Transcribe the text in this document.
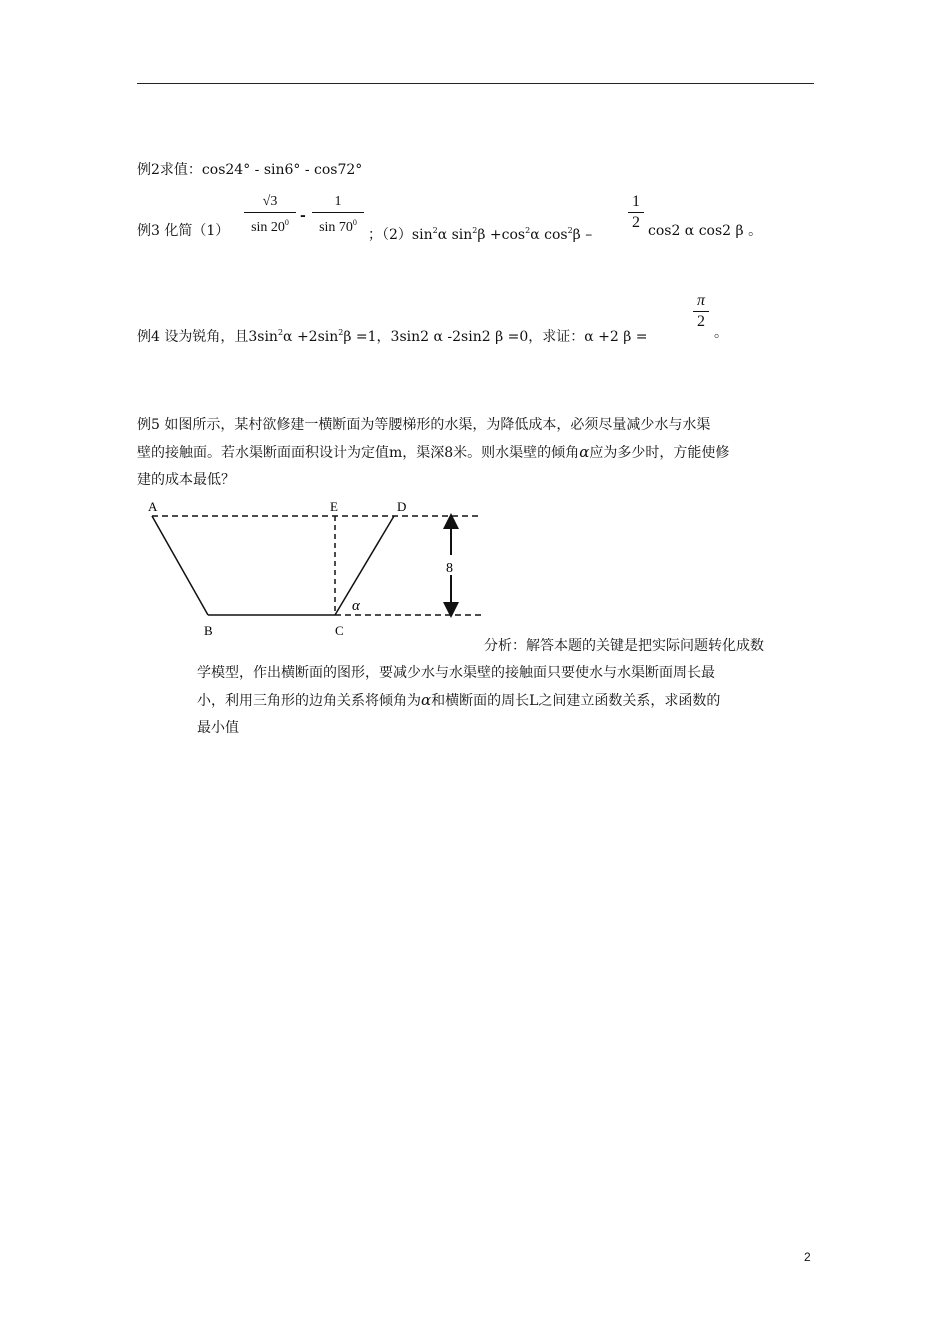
例2求值：cos24° - sin6° - cos72°
例3 化简（1）
√3
$\sin 20^0$ -
1
$\sin 70^0$
；$(2)\sin^2\alpha$ $\sin^2\beta +\cos^2\alpha$ $\cos^2\beta$ –
1
2 cos2 α cos2 β 。
例4 设为锐角，且$3\sin^2\alpha +2\sin^2\beta =1$，3sin2 α -2sin2 β =0，求证：α +2 β =
π
2
。
例5 如图所示，某村欲修建一横断面为等腰梯形的水渠，为降低成本，必须尽量减少水与水渠
壁的接触面。若水渠断面面积设计为定值m，渠深8米。则水渠壁的倾角α应为多少时，方能使修
建的成本最低？
A	E	D
B	C
8
α
分析：解答本题的关键是把实际问题转化成数
学模型，作出横断面的图形，要减少水与水渠壁的接触面只要使水与水渠断面周长最
小，利用三角形的边角关系将倾角为α和横断面的周长L之间建立函数关系，求函数的
最小值
2
